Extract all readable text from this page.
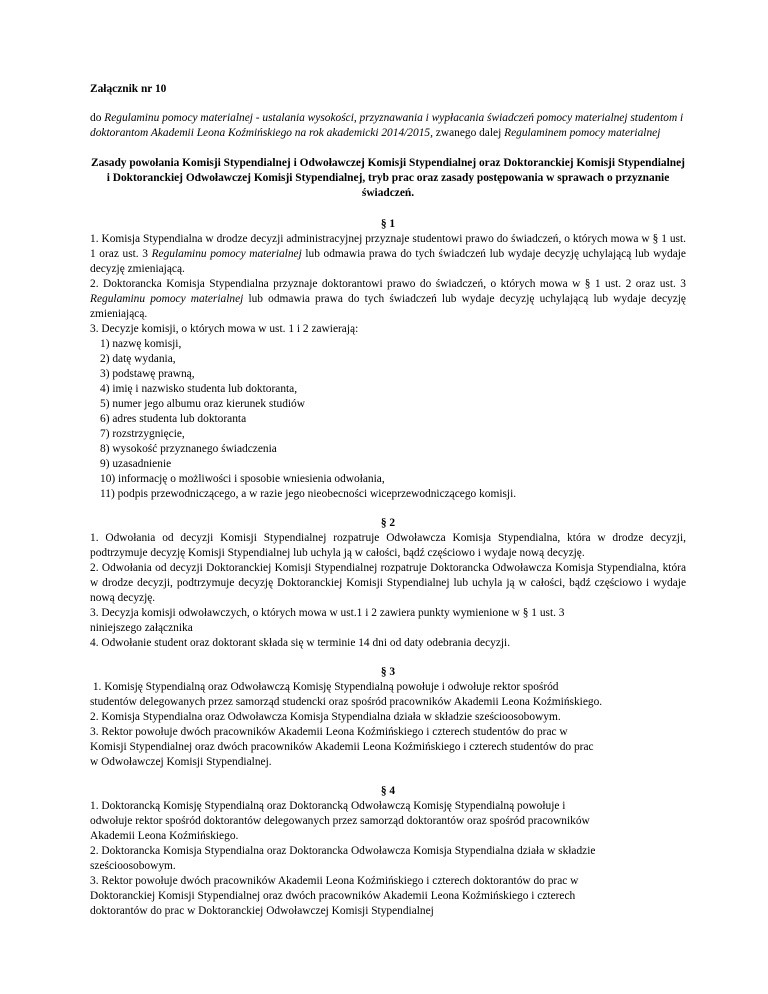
Załącznik nr 10

do Regulaminu pomocy materialnej - ustalania wysokości, przyznawania i wypłacania świadczeń pomocy materialnej studentom i doktorantom Akademii Leona Koźmińskiego na rok akademicki 2014/2015, zwanego dalej Regulaminem pomocy materialnej

Zasady powołania Komisji Stypendialnej i Odwoławczej Komisji Stypendialnej oraz Doktoranckiej Komisji Stypendialnej i Doktoranckiej Odwoławczej Komisji Stypendialnej, tryb prac oraz zasady postępowania w sprawach o przyznanie świadczeń.

§ 1

1. Komisja Stypendialna w drodze decyzji administracyjnej przyznaje studentowi prawo do świadczeń, o których mowa w § 1 ust. 1 oraz ust. 3 Regulaminu pomocy materialnej lub odmawia prawa do tych świadczeń lub wydaje decyzję uchylającą lub wydaje decyzję zmieniającą.

2. Doktorancka Komisja Stypendialna przyznaje doktorantowi prawo do świadczeń, o których mowa w § 1 ust. 2 oraz ust. 3 Regulaminu pomocy materialnej lub odmawia prawa do tych świadczeń lub wydaje decyzję uchylającą lub wydaje decyzję zmieniającą.

3. Decyzje komisji, o których mowa w ust. 1 i 2 zawierają:

1) nazwę komisji,
2) datę wydania,
3) podstawę prawną,
4) imię i nazwisko studenta lub doktoranta,
5) numer jego albumu oraz kierunek studiów
6) adres studenta lub doktoranta
7) rozstrzygnięcie,
8) wysokość przyznanego świadczenia
9) uzasadnienie
10) informację o możliwości i sposobie wniesienia odwołania,
11) podpis przewodniczącego, a w razie jego nieobecności wiceprzewodniczącego komisji.

§ 2

1. Odwołania od decyzji Komisji Stypendialnej rozpatruje Odwoławcza Komisja Stypendialna, która w drodze decyzji, podtrzymuje decyzję Komisji Stypendialnej lub uchyla ją w całości, bądź częściowo i wydaje nową decyzję.

2. Odwołania od decyzji Doktoranckiej Komisji Stypendialnej rozpatruje Doktorancka Odwoławcza Komisja Stypendialna, która w drodze decyzji, podtrzymuje decyzję Doktoranckiej Komisji Stypendialnej lub uchyla ją w całości, bądź częściowo i wydaje nową decyzję.

3. Decyzja komisji odwoławczych, o których mowa w ust.1 i 2 zawiera punkty wymienione w § 1 ust. 3

niniejszego załącznika

4. Odwołanie student oraz doktorant składa się w terminie 14 dni od daty odebrania decyzji.

§ 3

1. Komisję Stypendialną oraz Odwoławczą Komisję Stypendialną powołuje i odwołuje rektor spośród

studentów delegowanych przez samorząd studencki oraz spośród pracowników Akademii Leona Koźmińskiego.

2. Komisja Stypendialna oraz Odwoławcza Komisja Stypendialna działa w składzie sześcioosobowym.

3. Rektor powołuje dwóch pracowników Akademii Leona Koźmińskiego i czterech studentów do prac w

Komisji Stypendialnej oraz dwóch pracowników Akademii Leona Koźmińskiego i czterech studentów do prac

w Odwoławczej Komisji Stypendialnej.

§ 4

1. Doktorancką Komisję Stypendialną oraz Doktorancką Odwoławczą Komisję Stypendialną powołuje i

odwołuje rektor spośród doktorantów delegowanych przez samorząd doktorantów oraz spośród pracowników

Akademii Leona Koźmińskiego.

2. Doktorancka Komisja Stypendialna oraz Doktorancka Odwoławcza Komisja Stypendialna działa w składzie

sześcioosobowym.

3. Rektor powołuje dwóch pracowników Akademii Leona Koźmińskiego i czterech doktorantów do prac w

Doktoranckiej Komisji Stypendialnej oraz dwóch pracowników Akademii Leona Koźmińskiego i czterech

doktorantów do prac w Doktoranckiej Odwoławczej Komisji Stypendialnej
